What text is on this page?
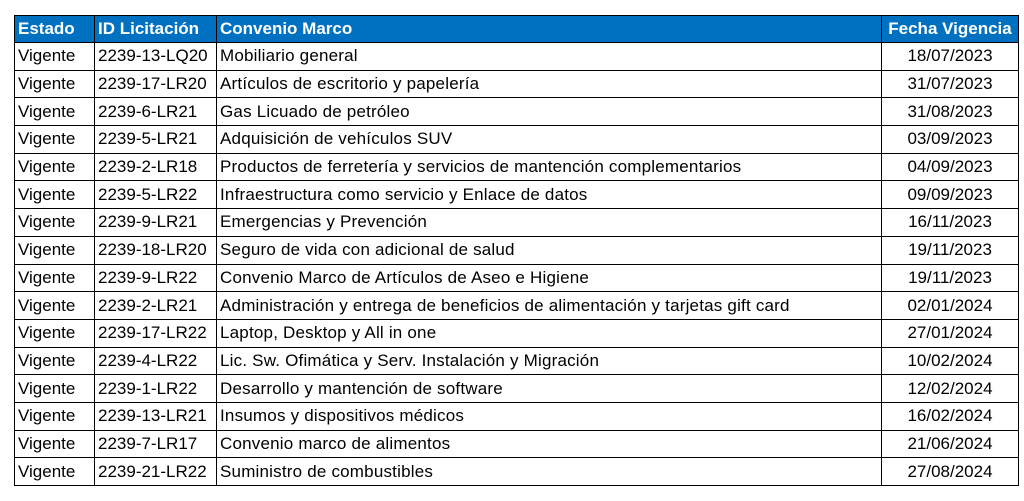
Estado	ID Licitación	Convenio Marco	Fecha Vigencia
Vigente	2239-13-LQ20	Mobiliario general	18/07/2023
Vigente	2239-17-LR20	Artículos de escritorio y papelería	31/07/2023
Vigente	2239-6-LR21	Gas Licuado de petróleo	31/08/2023
Vigente	2239-5-LR21	Adquisición de vehículos SUV	03/09/2023
Vigente	2239-2-LR18	Productos de ferretería y servicios de mantención complementarios	04/09/2023
Vigente	2239-5-LR22	Infraestructura como servicio y Enlace de datos	09/09/2023
Vigente	2239-9-LR21	Emergencias y Prevención	16/11/2023
Vigente	2239-18-LR20	Seguro de vida con adicional de salud	19/11/2023
Vigente	2239-9-LR22	Convenio Marco de Artículos de Aseo e Higiene	19/11/2023
Vigente	2239-2-LR21	Administración y entrega de beneficios de alimentación y tarjetas gift card	02/01/2024
Vigente	2239-17-LR22	Laptop, Desktop y All in one	27/01/2024
Vigente	2239-4-LR22	Lic. Sw. Ofimática y Serv. Instalación y Migración	10/02/2024
Vigente	2239-1-LR22	Desarrollo y mantención de software	12/02/2024
Vigente	2239-13-LR21	Insumos y dispositivos médicos	16/02/2024
Vigente	2239-7-LR17	Convenio marco de alimentos	21/06/2024
Vigente	2239-21-LR22	Suministro de combustibles	27/08/2024
